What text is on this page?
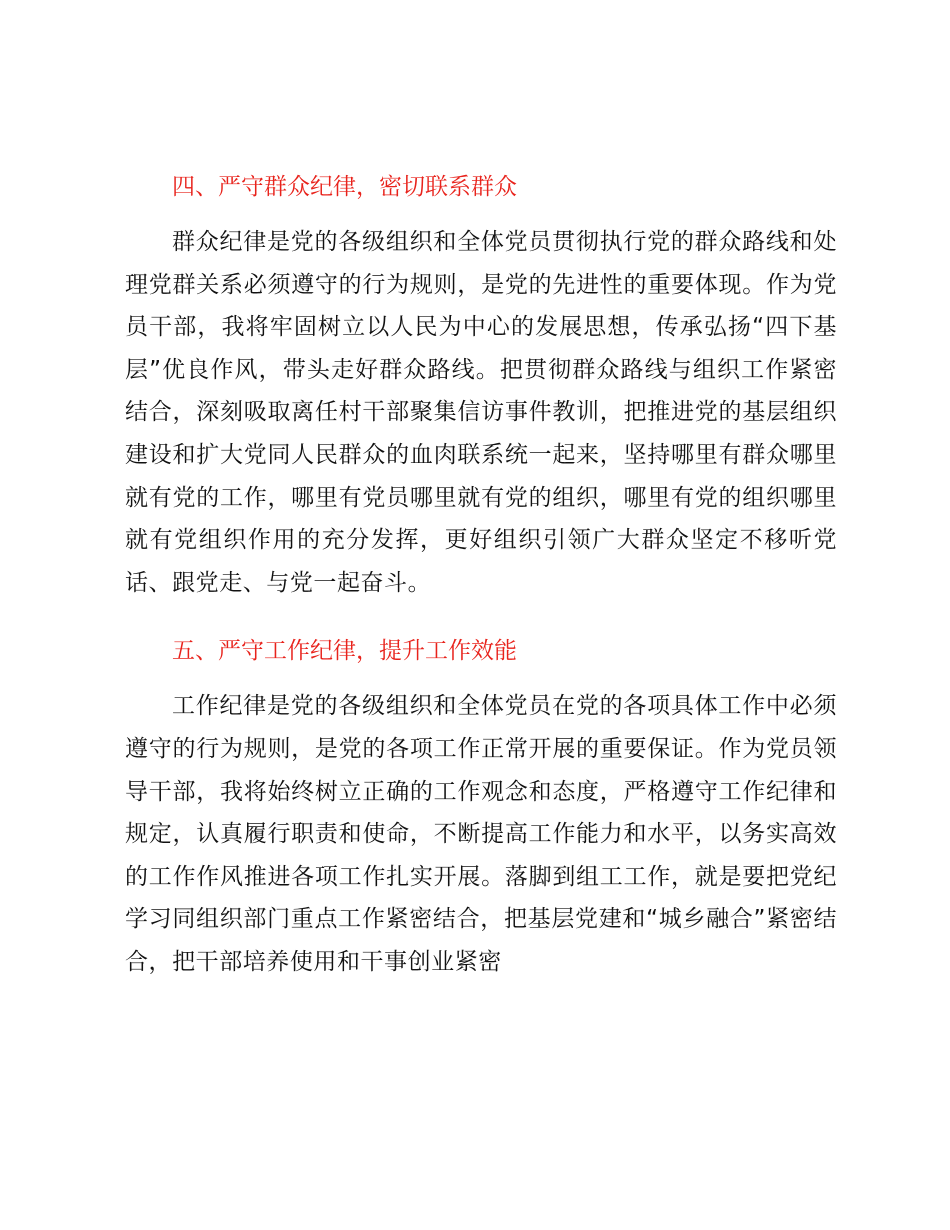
四、严守群众纪律，密切联系群众

群众纪律是党的各级组织和全体党员贯彻执行党的群众路线和处理党群关系必须遵守的行为规则，是党的先进性的重要体现。作为党员干部，我将牢固树立以人民为中心的发展思想，传承弘扬“四下基层”优良作风，带头走好群众路线。把贯彻群众路线与组织工作紧密结合，深刻吸取离任村干部聚集信访事件教训，把推进党的基层组织建设和扩大党同人民群众的血肉联系统一起来，坚持哪里有群众哪里就有党的工作，哪里有党员哪里就有党的组织，哪里有党的组织哪里就有党组织作用的充分发挥，更好组织引领广大群众坚定不移听党话、跟党走、与党一起奋斗。

五、严守工作纪律，提升工作效能

工作纪律是党的各级组织和全体党员在党的各项具体工作中必须遵守的行为规则，是党的各项工作正常开展的重要保证。作为党员领导干部，我将始终树立正确的工作观念和态度，严格遵守工作纪律和规定，认真履行职责和使命，不断提高工作能力和水平，以务实高效的工作作风推进各项工作扎实开展。落脚到组工工作，就是要把党纪学习同组织部门重点工作紧密结合，把基层党建和“城乡融合”紧密结合，把干部培养使用和干事创业紧密
